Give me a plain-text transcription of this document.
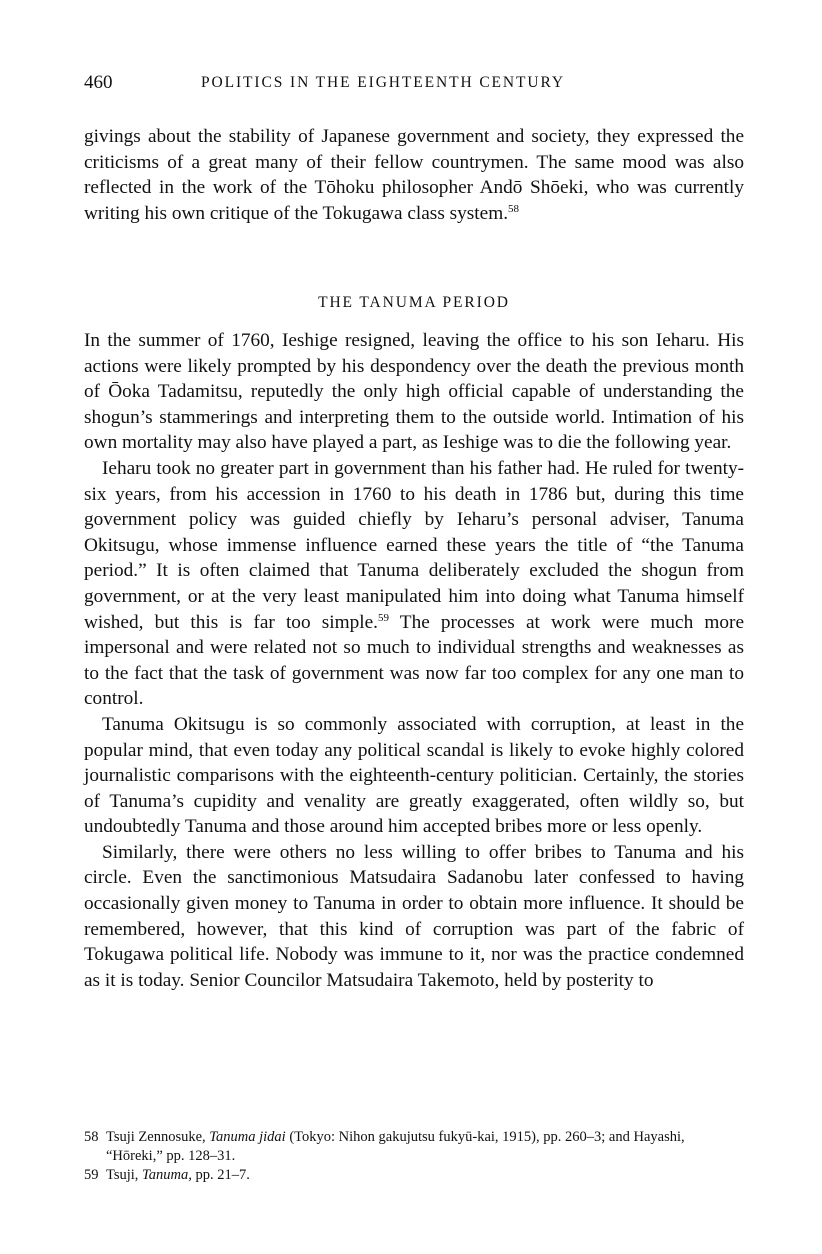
460	POLITICS IN THE EIGHTEENTH CENTURY

givings about the stability of Japanese government and society, they expressed the criticisms of a great many of their fellow countrymen. The same mood was also reflected in the work of the Tōhoku philosopher Andō Shōeki, who was currently writing his own critique of the Tokugawa class system.$^{58}$

THE TANUMA PERIOD

In the summer of 1760, Ieshige resigned, leaving the office to his son Ieharu. His actions were likely prompted by his despondency over the death the previous month of Ōoka Tadamitsu, reputedly the only high official capable of understanding the shogun’s stammerings and interpreting them to the outside world. Intimation of his own mortality may also have played a part, as Ieshige was to die the following year.

Ieharu took no greater part in government than his father had. He ruled for twenty-six years, from his accession in 1760 to his death in 1786 but, during this time government policy was guided chiefly by Ieharu’s personal adviser, Tanuma Okitsugu, whose immense influence earned these years the title of “the Tanuma period.” It is often claimed that Tanuma deliberately excluded the shogun from government, or at the very least manipulated him into doing what Tanuma himself wished, but this is far too simple.$^{59}$ The processes at work were much more impersonal and were related not so much to individual strengths and weaknesses as to the fact that the task of government was now far too complex for any one man to control.

Tanuma Okitsugu is so commonly associated with corruption, at least in the popular mind, that even today any political scandal is likely to evoke highly colored journalistic comparisons with the eighteenth-century politician. Certainly, the stories of Tanuma’s cupidity and venality are greatly exaggerated, often wildly so, but undoubtedly Tanuma and those around him accepted bribes more or less openly.

Similarly, there were others no less willing to offer bribes to Tanuma and his circle. Even the sanctimonious Matsudaira Sadanobu later confessed to having occasionally given money to Tanuma in order to obtain more influence. It should be remembered, however, that this kind of corruption was part of the fabric of Tokugawa political life. Nobody was immune to it, nor was the practice condemned as it is today. Senior Councilor Matsudaira Takemoto, held by posterity to

58 Tsuji Zennosuke, Tanuma jidai (Tokyo: Nihon gakujutsu fukyū-kai, 1915), pp. 260–3; and Hayashi, “Hōreki,” pp. 128–31.

59 Tsuji, Tanuma, pp. 21–7.
